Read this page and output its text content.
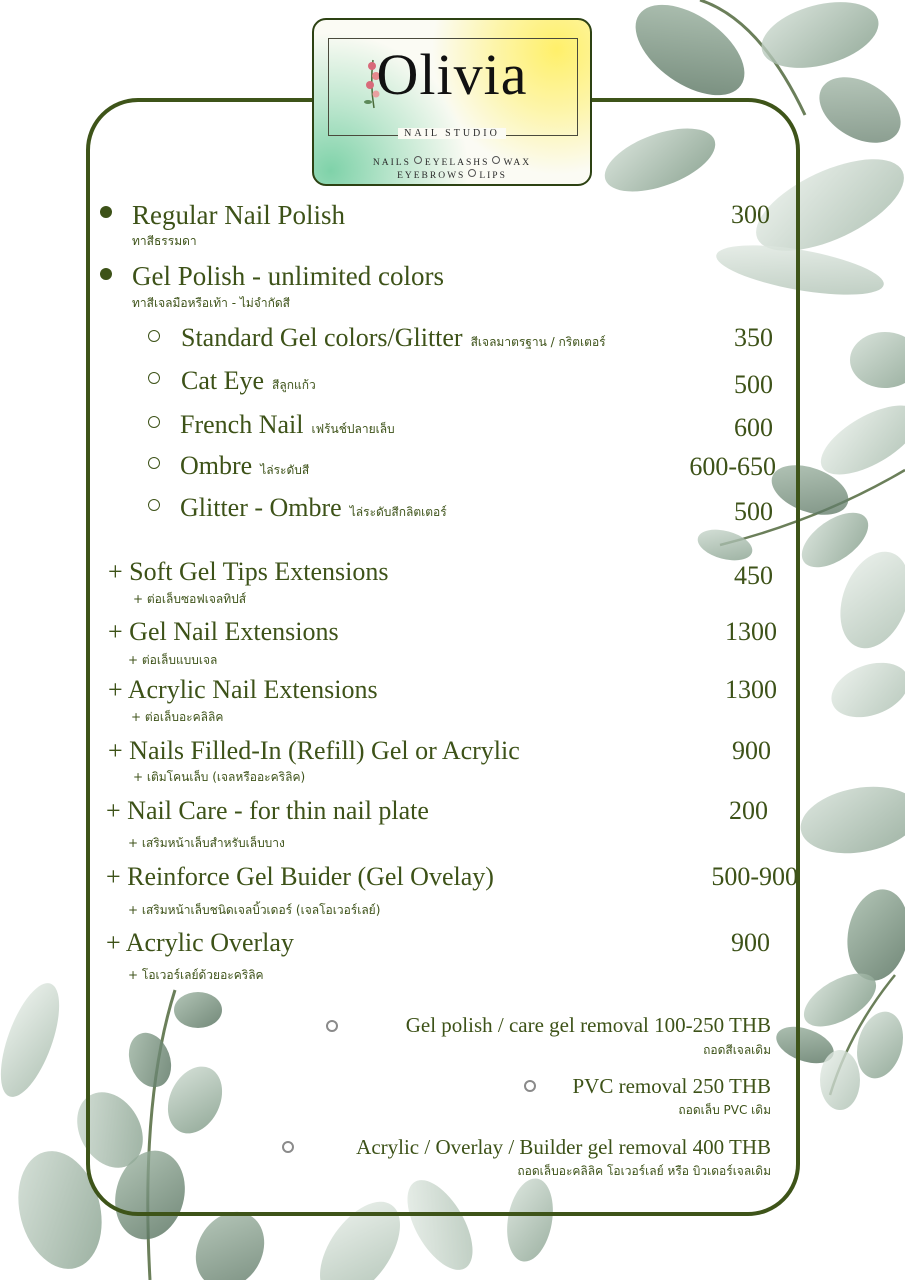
Olivia
NAIL STUDIO
NAILS EYELASHS WAX
EYEBROWS LIPS
Regular Nail Polish
ทาสีธรรมดา
300
Gel Polish - unlimited colors
ทาสีเจลมือหรือเท้า - ไม่จำกัดสี
Standard Gel colors/Glitter สีเจลมาตรฐาน / กริตเตอร์	350
Cat Eye สีลูกแก้ว	500
French Nail เฟร้นช์ปลายเล็บ	600
Ombre ไล่ระดับสี	600-650
Glitter - Ombre ไล่ระดับสีกลิตเตอร์	500
+ Soft Gel Tips Extensions
+ ต่อเล็บซอฟเจลทิปส์
450
+ Gel Nail Extensions
+ ต่อเล็บแบบเจล
1300
+ Acrylic Nail Extensions
+ ต่อเล็บอะคลิลิค
1300
+ Nails Filled-In (Refill) Gel or Acrylic
+ เติมโคนเล็บ (เจลหรืออะคริลิค)
900
+ Nail Care - for thin nail plate
+ เสริมหน้าเล็บสำหรับเล็บบาง
200
+ Reinforce Gel Buider (Gel Ovelay)
+ เสริมหน้าเล็บชนิดเจลบิ้วเดอร์ (เจลโอเวอร์เลย์)
500-900
+ Acrylic Overlay
+ โอเวอร์เลย์ด้วยอะคริลิค
900
Gel polish / care gel removal 100-250 THB
ถอดสีเจลเดิม
PVC removal 250 THB
ถอดเล็บ PVC เดิม
Acrylic / Overlay / Builder gel removal 400 THB
ถอดเล็บอะคลิลิค โอเวอร์เลย์ หรือ บิวเดอร์เจลเดิม
